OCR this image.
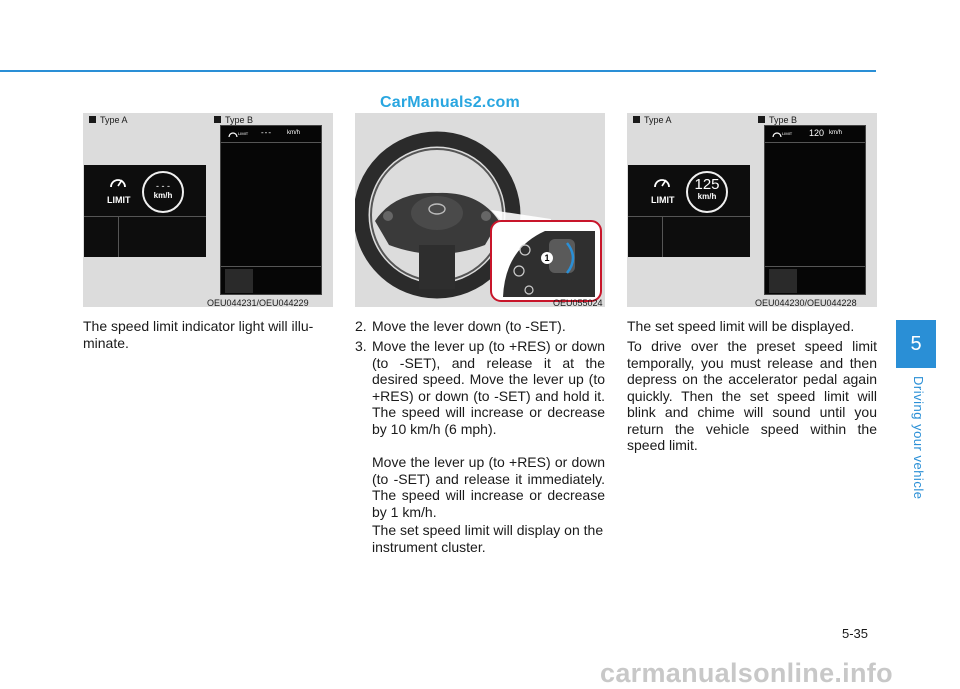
CarManuals2.com
Type A	Type B
LIMIT
- - -
km/h
LIMIT ---	km/h
OEU044231/OEU044229
1
OEU055024
Type A	Type B
LIMIT
125
km/h
LIMIT 120 km/h
OEU044230/OEU044228
The speed limit indicator light will illuminate.
2. Move the lever down (to -SET).
3. Move the lever up (to +RES) or down (to -SET), and release it at the desired speed. Move the lever up (to +RES) or down (to -SET) and hold it. The speed will increase or decrease by 10 km/h (6 mph).
Move the lever up (to +RES) or down (to -SET) and release it immediately. The speed will increase or decrease by 1 km/h.
The set speed limit will display on the instrument cluster.
The set speed limit will be displayed.
To drive over the preset speed limit temporally, you must release and then depress on the accelerator pedal again quickly. Then the set speed limit will blink and chime will sound until you return the vehicle speed within the speed limit.
5
Driving your vehicle
5-35
carmanualsonline.info
